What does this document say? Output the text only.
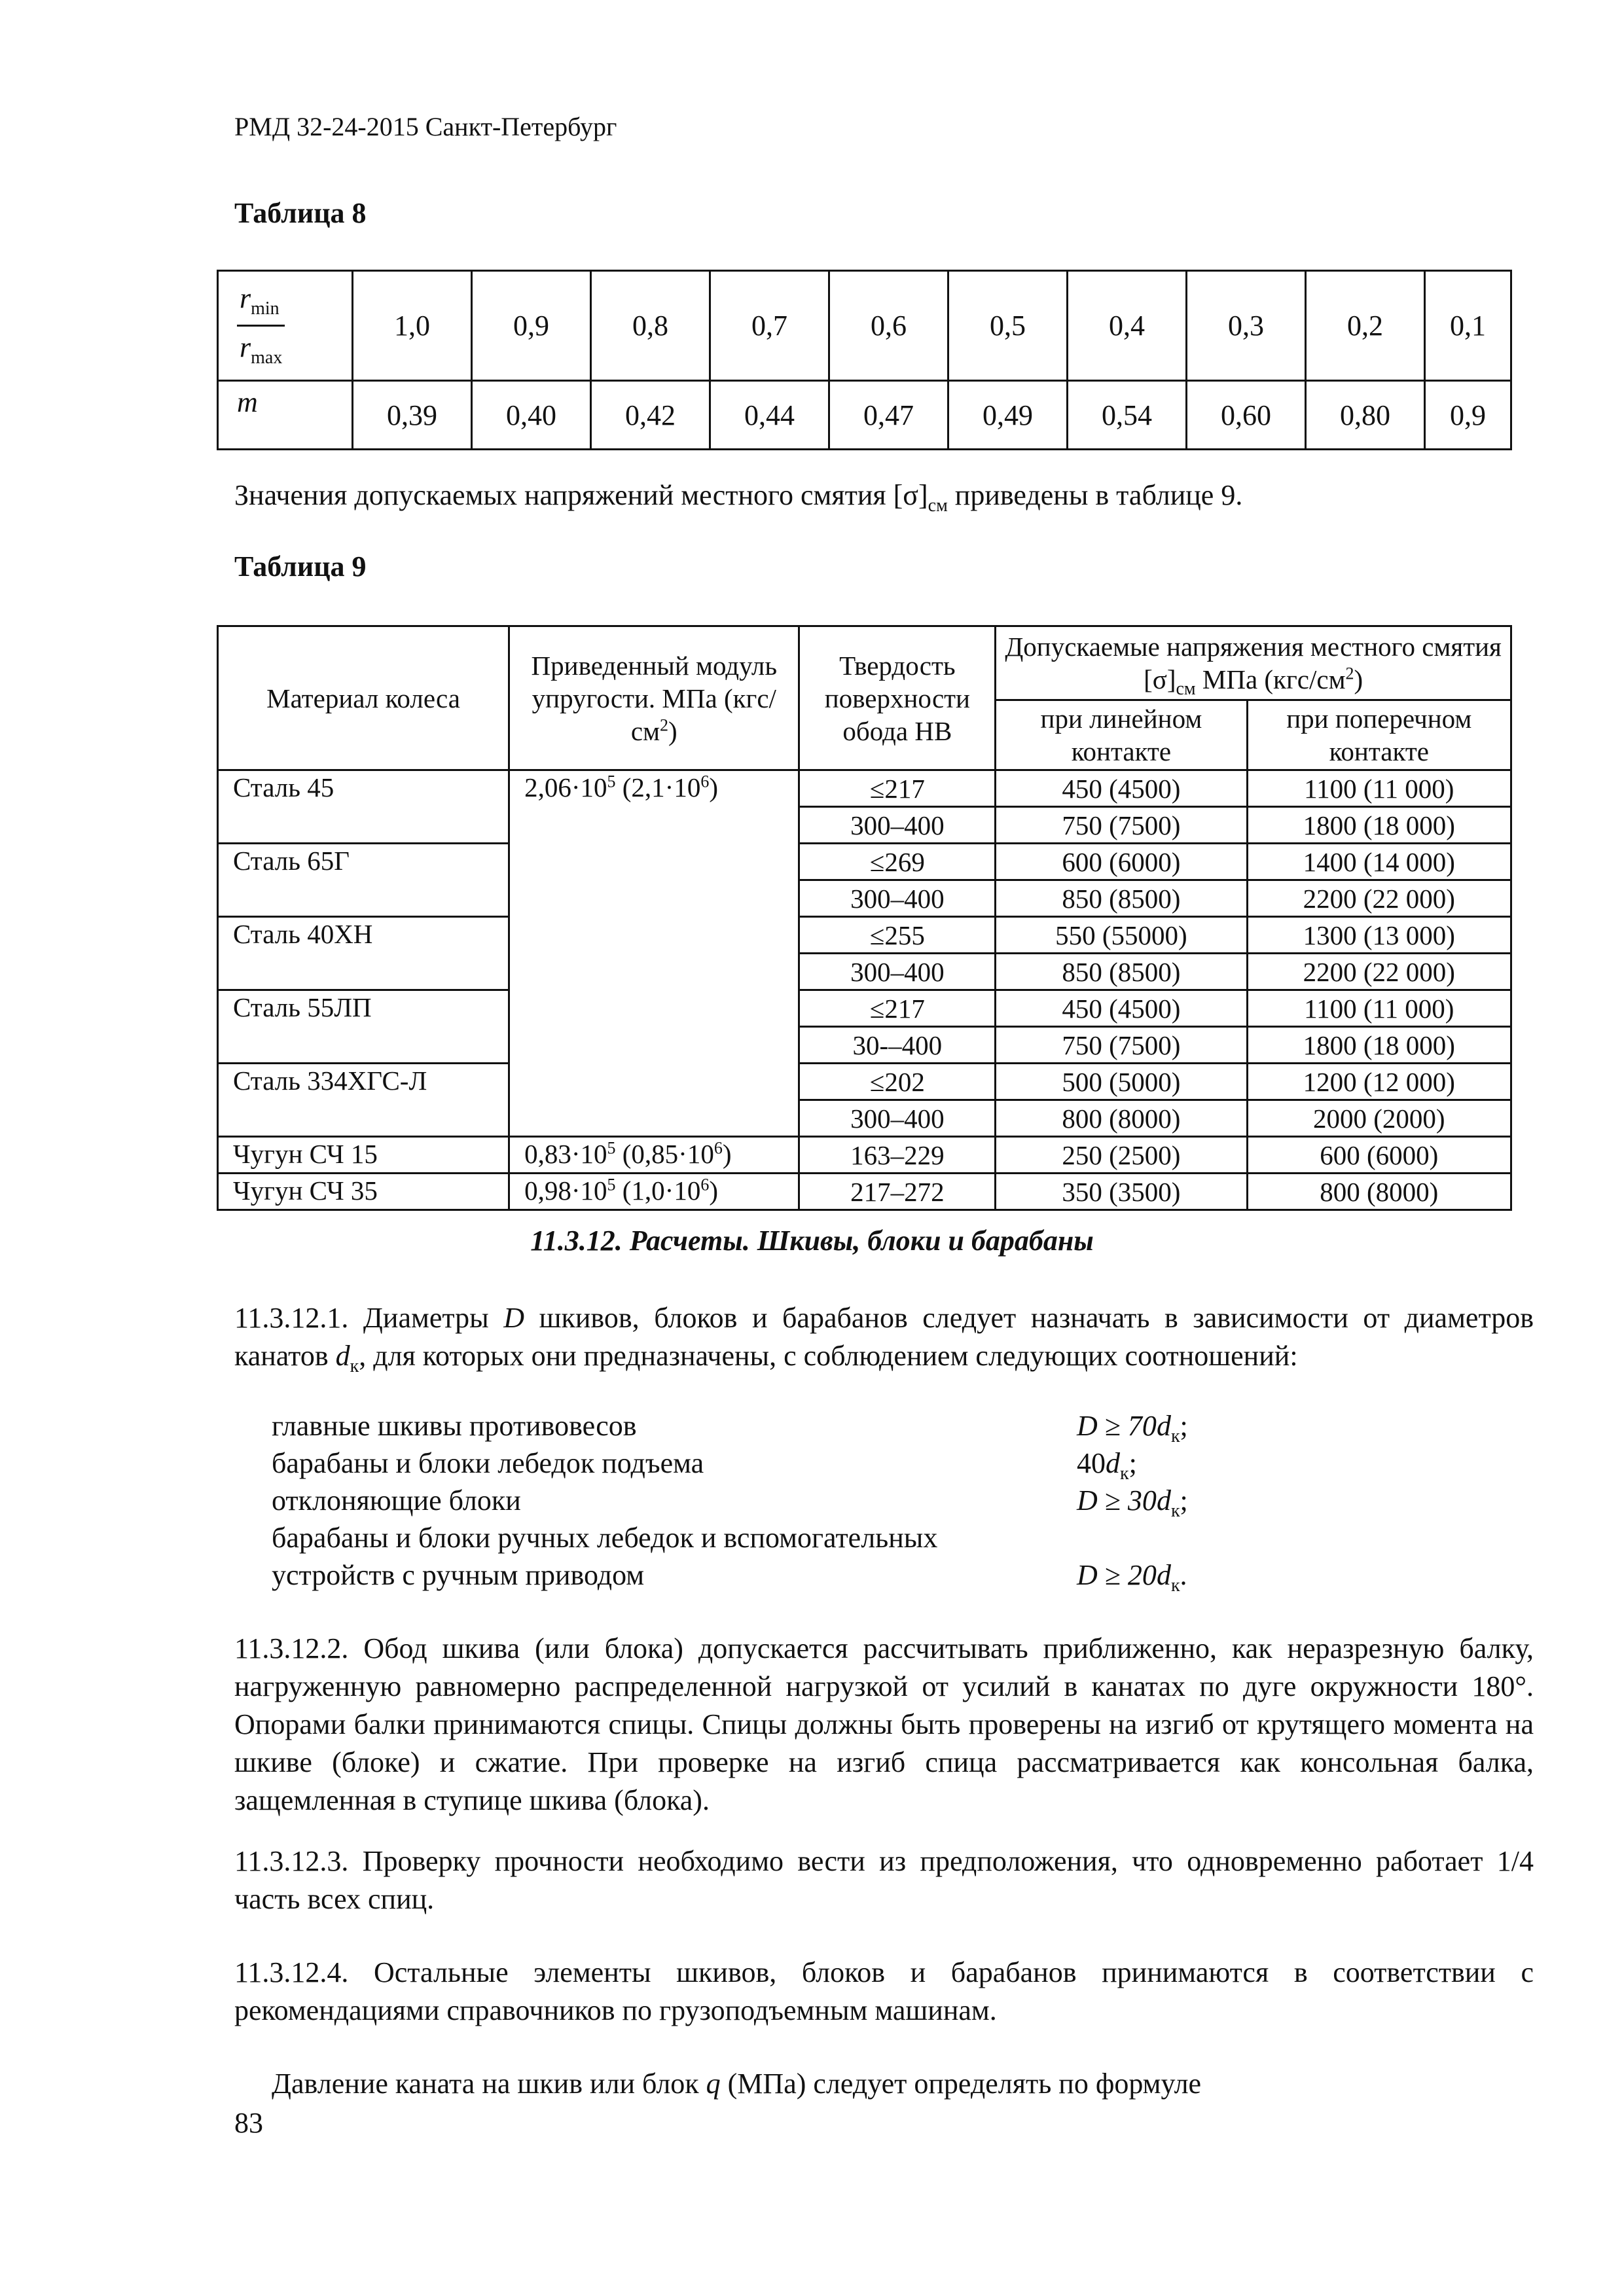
РМД 32-24-2015 Санкт-Петербург
Таблица 8
$\frac{r_{min}}{r_{max}}$	1,0	0,9	0,8	0,7	0,6	0,5	0,4	0,3	0,2	0,1
m	0,39	0,40	0,42	0,44	0,47	0,49	0,54	0,60	0,80	0,9
Значения допускаемых напряжений местного смятия $[\sigma]_{см}$ приведены в таблице 9.
Таблица 9
Материал колеса	Приведенный модуль упругости. МПа $(кгс/см^2)$	Твердость поверхности обода HB	Допускаемые напряжения местного смятия $[\sigma]_{см}$ МПа $(кгс/см^2)$	
			при линейном контакте	при поперечном контакте
Сталь 45	$2,06\cdot 10^5$ $(2,1\cdot 10^6)$	≤217	450 (4500)	1100 (11 000)
		300–400	750 (7500)	1800 (18 000)
Сталь 65Г		≤269	600 (6000)	1400 (14 000)
		300–400	850 (8500)	2200 (22 000)
Сталь 40ХН		≤255	550 (55000)	1300 (13 000)
		300–400	850 (8500)	2200 (22 000)
Сталь 55ЛП		≤217	450 (4500)	1100 (11 000)
		30-–400	750 (7500)	1800 (18 000)
Сталь 334ХГС-Л		≤202	500 (5000)	1200 (12 000)
		300–400	800 (8000)	2000 (2000)
Чугун СЧ 15	$0,83\cdot 10^5$ $(0,85\cdot 10^6)$	163–229	250 (2500)	600 (6000)
Чугун СЧ 35	$0,98\cdot 10^5$ $(1,0\cdot 10^6)$	217–272	350 (3500)	800 (8000)
11.3.12. Расчеты. Шкивы, блоки и барабаны
11.3.12.1. Диаметры D шкивов, блоков и барабанов следует назначать в зависимости от диаметров канатов $d_к$, для которых они предназначены, с соблюдением следующих соотношений:
главные шкивы противовесов	$D \ge 70d_к$;
барабаны и блоки лебедок подъема	$40d_к$;
отклоняющие блоки	$D \ge 30d_к$;
барабаны и блоки ручных лебедок и вспомогательных
устройств с ручным приводом	$D \ge 20d_к$.
11.3.12.2. Обод шкива (или блока) допускается рассчитывать приближенно, как неразрезную балку, нагруженную равномерно распределенной нагрузкой от усилий в канатах по дуге окружности 180°. Опорами балки принимаются спицы. Спицы должны быть проверены на изгиб от крутящего момента на шкиве (блоке) и сжатие. При проверке на изгиб спица рассматривается как консольная балка, защемленная в ступице шкива (блока).
11.3.12.3. Проверку прочности необходимо вести из предположения, что одновременно работает 1/4 часть всех спиц.
11.3.12.4. Остальные элементы шкивов, блоков и барабанов принимаются в соответствии с рекомендациями справочников по грузоподъемным машинам.
Давление каната на шкив или блок q (МПа) следует определять по формуле
83
